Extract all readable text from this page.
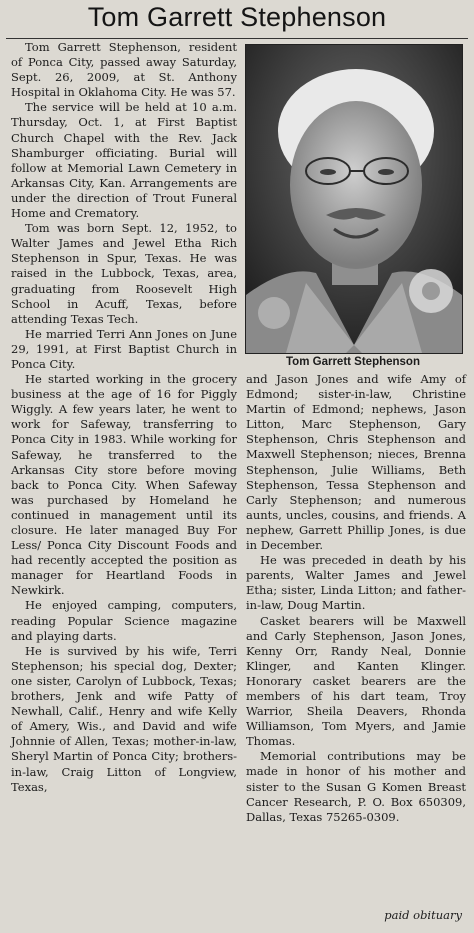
Tom Garrett Stephenson

Tom Garrett Stephenson, resident of Ponca City, passed away Saturday, Sept. 26, 2009, at St. Anthony Hospital in Oklahoma City. He was 57.

The service will be held at 10 a.m. Thursday, Oct. 1, at First Baptist Church Chapel with the Rev. Jack Shamburger officiating. Burial will follow at Memorial Lawn Cemetery in Arkansas City, Kan. Arrangements are under the direction of Trout Funeral Home and Crematory.

Tom was born Sept. 12, 1952, to Walter James and Jewel Etha Rich Stephenson in Spur, Texas. He was raised in the Lubbock, Texas, area, graduating from Roosevelt High School in Acuff, Texas, before attending Texas Tech.

He married Terri Ann Jones on June 29, 1991, at First Baptist Church in Ponca City.

He started working in the grocery business at the age of 16 for Piggly Wiggly. A few years later, he went to work for Safeway, transferring to Ponca City in 1983. While working for Safeway, he transferred to the Arkansas City store before moving back to Ponca City. When Safeway was purchased by Homeland he continued in management until its closure. He later managed Buy For Less/ Ponca City Discount Foods and had recently accepted the position as manager for Heartland Foods in Newkirk.

He enjoyed camping, computers, reading Popular Science magazine and playing darts.

He is survived by his wife, Terri Stephenson; his special dog, Dexter; one sister, Carolyn of Lubbock, Texas; brothers, Jenk and wife Patty of Newhall, Calif., Henry and wife Kelly of Amery, Wis., and David and wife Johnnie of Allen, Texas; mother-in-law, Sheryl Martin of Ponca City; brothers-in-law, Craig Litton of Longview, Texas,

Tom Garrett Stephenson

and Jason Jones and wife Amy of Edmond; sister-in-law, Christine Martin of Edmond; nephews, Jason Litton, Marc Stephenson, Gary Stephenson, Chris Stephenson and Maxwell Stephenson; nieces, Brenna Stephenson, Julie Williams, Beth Stephenson, Tessa Stephenson and Carly Stephenson; and numerous aunts, uncles, cousins, and friends. A nephew, Garrett Phillip Jones, is due in December.

He was preceded in death by his parents, Walter James and Jewel Etha; sister, Linda Litton; and father-in-law, Doug Martin.

Casket bearers will be Maxwell and Carly Stephenson, Jason Jones, Kenny Orr, Randy Neal, Donnie Klinger, and Kanten Klinger. Honorary casket bearers are the members of his dart team, Troy Warrior, Sheila Deavers, Rhonda Williamson, Tom Myers, and Jamie Thomas.

Memorial contributions may be made in honor of his mother and sister to the Susan G Komen Breast Cancer Research, P. O. Box 650309, Dallas, Texas 75265-0309.

paid obituary
